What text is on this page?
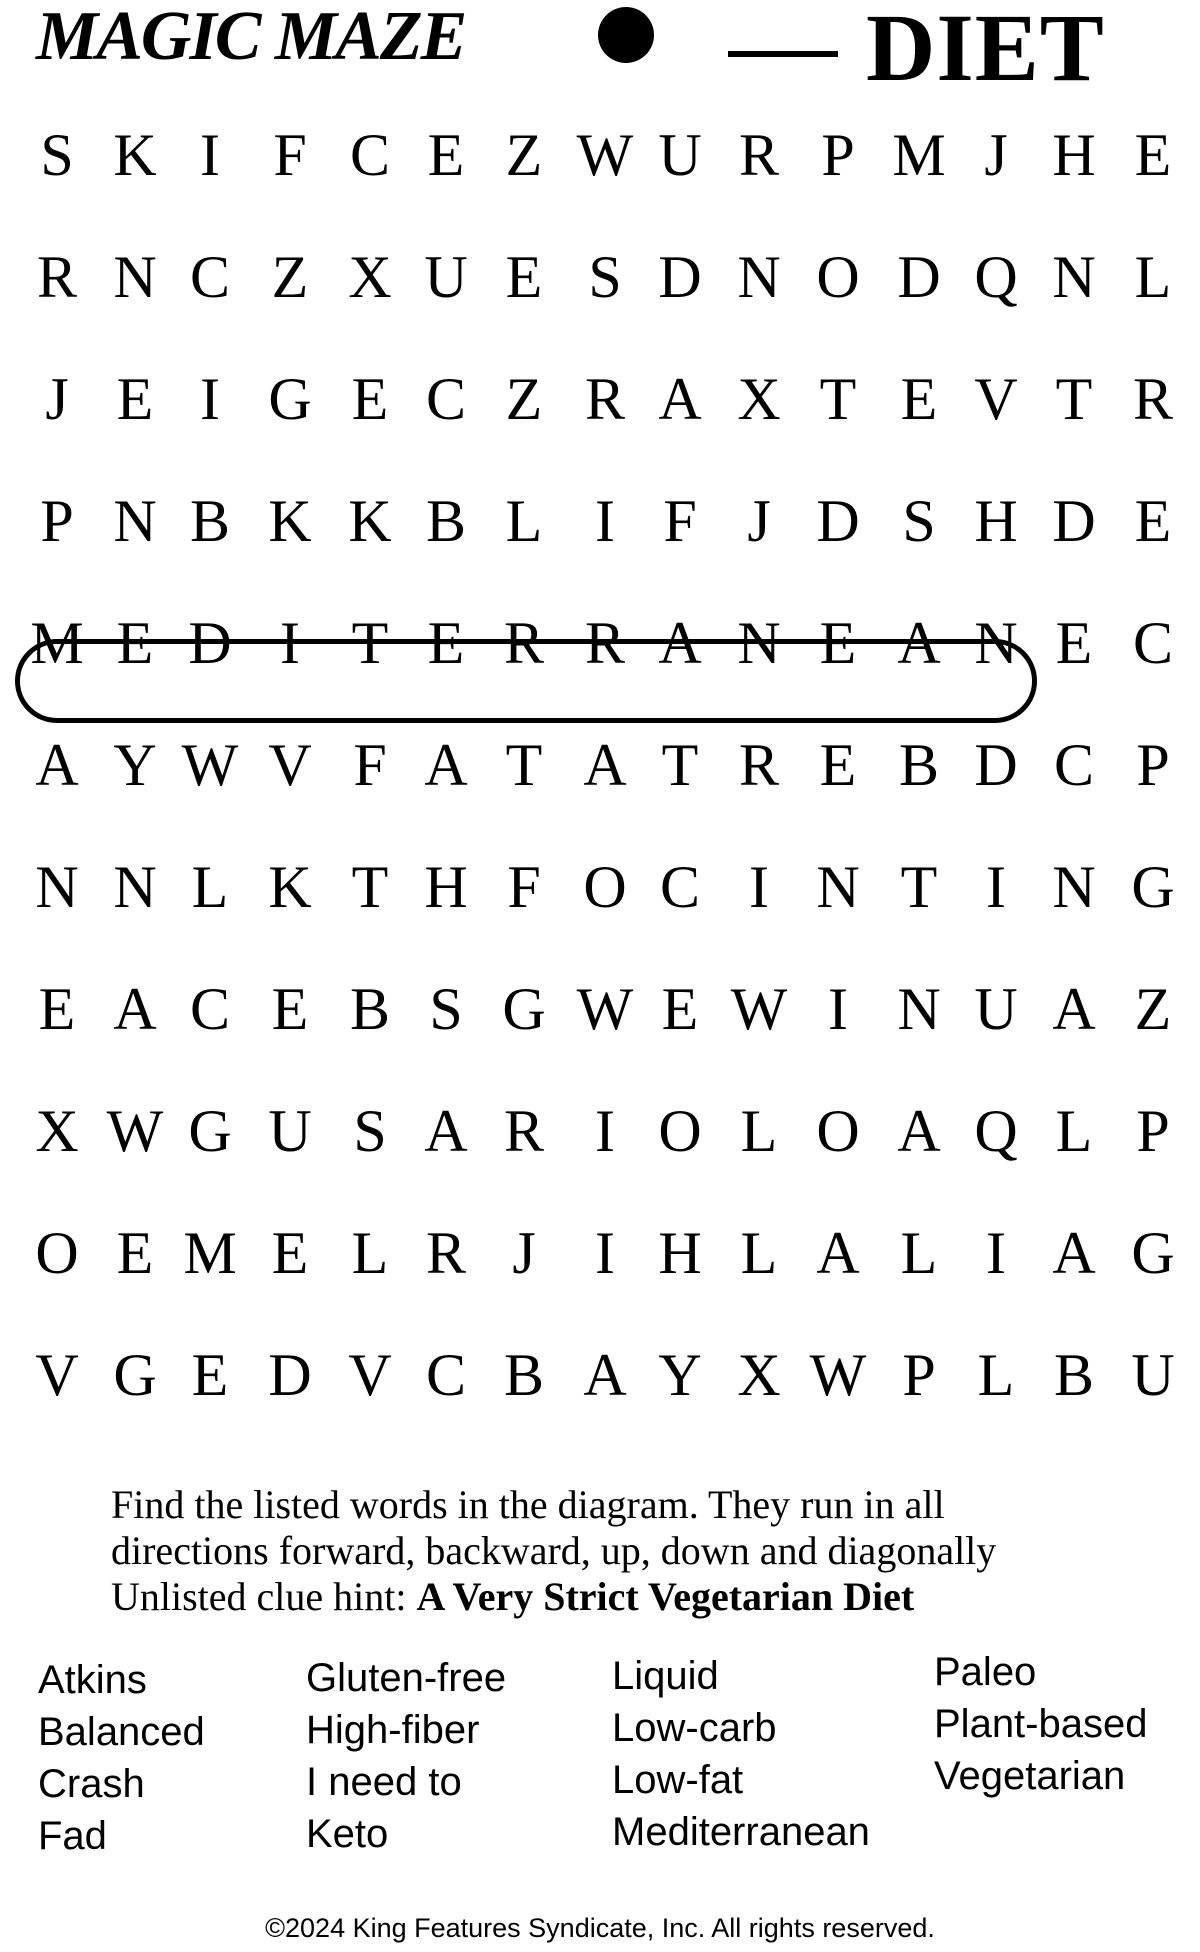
MAGIC MAZE	DIET
S K I F C E Z W U R P M J H E
R N C Z X U E S D N O D Q N L
J E I G E C Z R A X T E V T R
P N B K K B L I F J D S H D E
M E D I T E R R A N E A N E C
A Y W V F A T A T R E B D C P
N N L K T H F O C I N T I N G
E A C E B S G W E W I N U A Z
X W G U S A R I O L O A Q L P
O E M E L R J I H L A L I A G
V G E D V C B A Y X W P L B U
Find the listed words in the diagram. They run in all
directions forward, backward, up, down and diagonally
Unlisted clue hint: A Very Strict Vegetarian Diet
Atkins
Balanced
Crash
Fad
Gluten-free
High-fiber
I need to
Keto
Liquid
Low-carb
Low-fat
Mediterranean
Paleo
Plant-based
Vegetarian
©2024 King Features Syndicate, Inc. All rights reserved.
